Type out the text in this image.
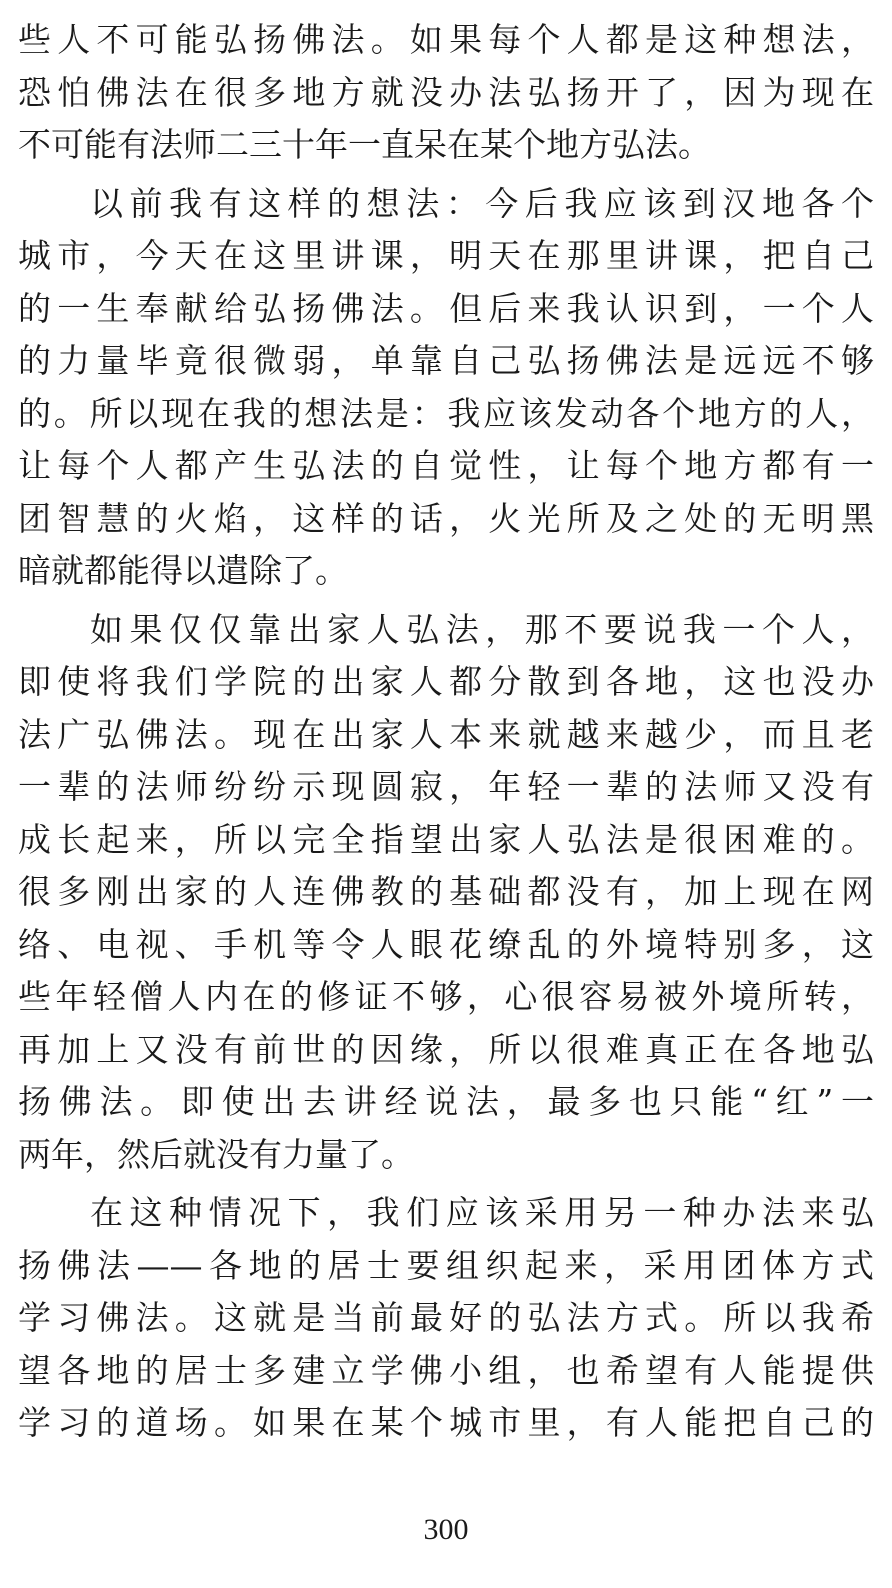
些人不可能弘扬佛法。如果每个人都是这种想法，
恐怕佛法在很多地方就没办法弘扬开了，因为现在
不可能有法师二三十年一直呆在某个地方弘法。
以前我有这样的想法：今后我应该到汉地各个
城市，今天在这里讲课，明天在那里讲课，把自己
的一生奉献给弘扬佛法。但后来我认识到，一个人
的力量毕竟很微弱，单靠自己弘扬佛法是远远不够
的。所以现在我的想法是：我应该发动各个地方的人，
让每个人都产生弘法的自觉性，让每个地方都有一
团智慧的火焰，这样的话，火光所及之处的无明黑
暗就都能得以遣除了。
如果仅仅靠出家人弘法，那不要说我一个人，
即使将我们学院的出家人都分散到各地，这也没办
法广弘佛法。现在出家人本来就越来越少，而且老
一辈的法师纷纷示现圆寂，年轻一辈的法师又没有
成长起来，所以完全指望出家人弘法是很困难的。
很多刚出家的人连佛教的基础都没有，加上现在网
络、电视、手机等令人眼花缭乱的外境特别多，这
些年轻僧人内在的修证不够，心很容易被外境所转，
再加上又没有前世的因缘，所以很难真正在各地弘
扬佛法。即使出去讲经说法，最多也只能“红”一
两年，然后就没有力量了。
在这种情况下，我们应该采用另一种办法来弘
扬佛法——各地的居士要组织起来，采用团体方式
学习佛法。这就是当前最好的弘法方式。所以我希
望各地的居士多建立学佛小组，也希望有人能提供
学习的道场。如果在某个城市里，有人能把自己的
300
